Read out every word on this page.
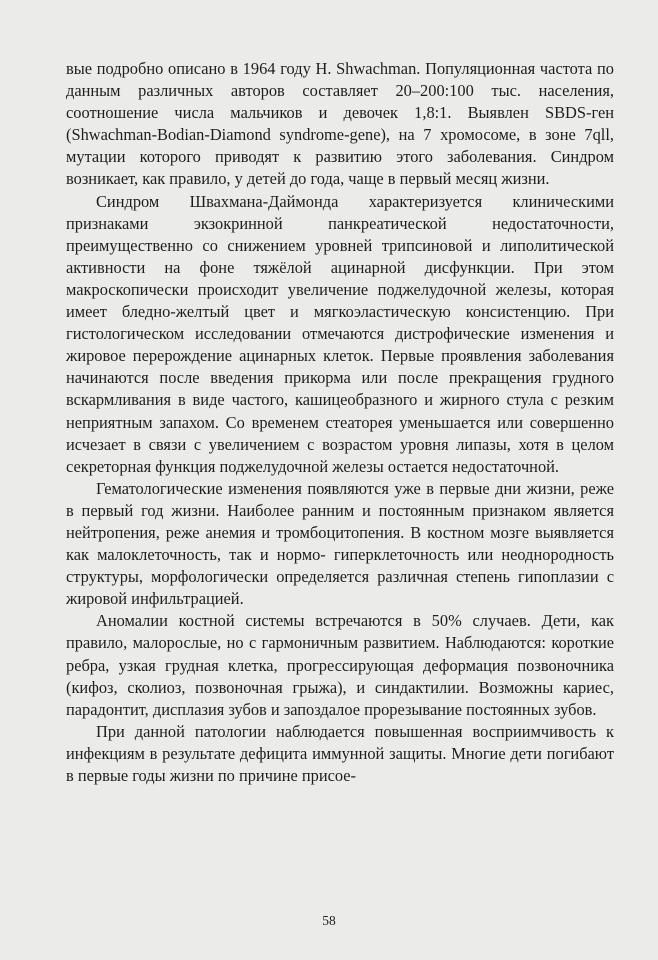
вые подробно описано в 1964 году H. Shwachman. Популяционная частота по данным различных авторов составляет 20–200:100 тыс. населения, соотношение числа мальчиков и девочек 1,8:1. Выявлен SBDS-ген (Shwachman-Bodian-Diamond syndrome-gene), на 7 хромосоме, в зоне 7qll, мутации которого приводят к развитию этого заболевания. Синдром возникает, как правило, у детей до года, чаще в первый месяц жизни.

Синдром Швахмана-Даймонда характеризуется клиническими признаками экзокринной панкреатической недостаточности, преимущественно со снижением уровней трипсиновой и липолитической активности на фоне тяжёлой ацинарной дисфункции. При этом макроскопически происходит увеличение поджелудочной железы, которая имеет бледно-желтый цвет и мягкоэластическую консистенцию. При гистологическом исследовании отмечаются дистрофические изменения и жировое перерождение ацинарных клеток. Первые проявления заболевания начинаются после введения прикорма или после прекращения грудного вскармливания в виде частого, кашицеобразного и жирного стула с резким неприятным запахом. Со временем стеаторея уменьшается или совершенно исчезает в связи с увеличением с возрастом уровня липазы, хотя в целом секреторная функция поджелудочной железы остается недостаточной.

Гематологические изменения появляются уже в первые дни жизни, реже в первый год жизни. Наиболее ранним и постоянным признаком является нейтропения, реже анемия и тромбоцитопения. В костном мозге выявляется как малоклеточность, так и нормо- гиперклеточность или неоднородность структуры, морфологически определяется различная степень гипоплазии с жировой инфильтрацией.

Аномалии костной системы встречаются в 50% случаев. Дети, как правило, малорослые, но с гармоничным развитием. Наблюдаются: короткие ребра, узкая грудная клетка, прогрессирующая деформация позвоночника (кифоз, сколиоз, позвоночная грыжа), и синдактилии. Возможны кариес, парадонтит, дисплазия зубов и запоздалое прорезывание постоянных зубов.

При данной патологии наблюдается повышенная восприимчивость к инфекциям в результате дефицита иммунной защиты. Многие дети погибают в первые годы жизни по причине присое-

58
